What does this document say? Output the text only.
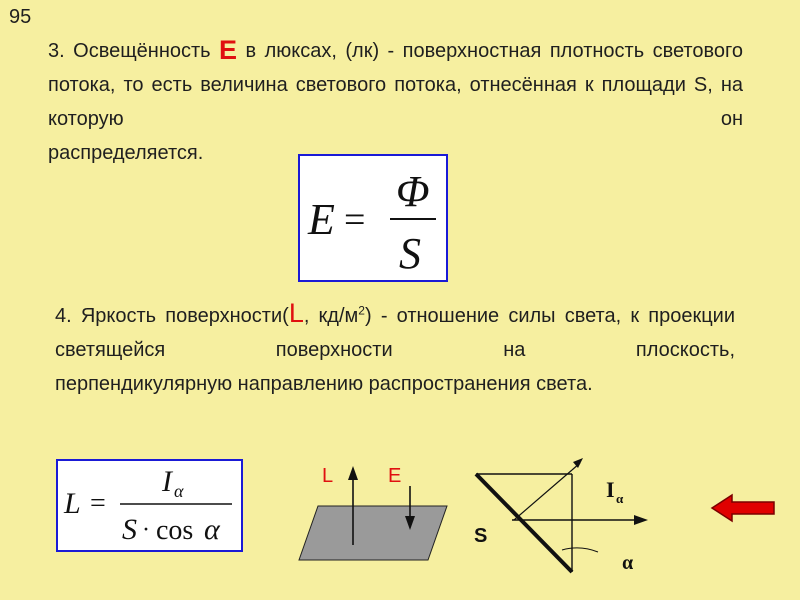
95
3. Освещённость E в люксах, (лк) - поверхностная плотность светового потока, то есть величина светового потока, отнесённая к площади S, на которую он
распределяется.
E =
Φ
S
4. Яркость поверхности(L, $кд/м^2$) - отношение силы света, к проекции светящейся поверхности на плоскость,
перпендикулярную направлению распространения света.
L =
I α
S · cos α
L	E
I α
S
α
